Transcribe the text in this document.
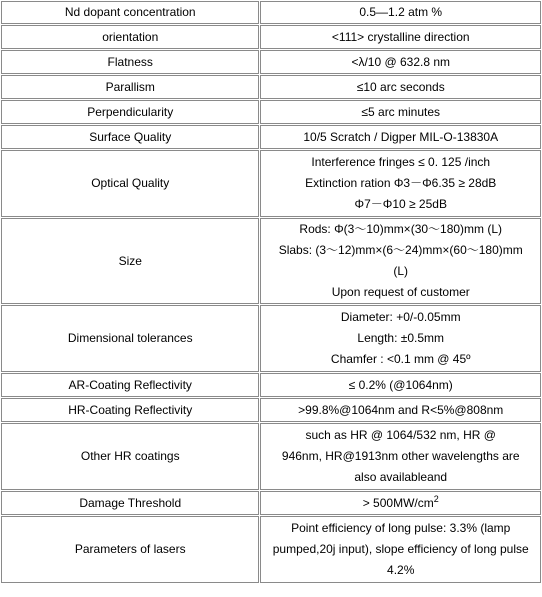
Nd dopant concentration	0.5—1.2 atm %

orientation	<111> crystalline direction

Flatness	<λ/10 @ 632.8 nm

Parallism	≤10 arc seconds

Perpendicularity	≤5 arc minutes

Surface Quality	10/5 Scratch / Digper MIL-O-13830A

Optical Quality	Interference fringes ≤ 0. 125 /inch
Extinction ration Φ3－Φ6.35 ≥ 28dB
Φ7－Φ10 ≥ 25dB

Size	Rods: Φ(3～10)mm×(30～180)mm (L)
Slabs: (3～12)mm×(6～24)mm×(60～180)mm
(L)
Upon request of customer

Dimensional tolerances	Diameter: +0/-0.05mm
Length: ±0.5mm
Chamfer : <0.1 mm @ 45º

AR-Coating Reflectivity	≤ 0.2% (@1064nm)

HR-Coating Reflectivity	>99.8%@1064nm and R<5%@808nm

Other HR coatings	such as HR @ 1064/532 nm, HR @
946nm, HR@1913nm other wavelengths are
also availableand

Damage Threshold	> $500MW/cm^2$
Parameters of lasers	Point efficiency of long pulse: 3.3% (lamp
pumped,20j input), slope efficiency of long pulse
4.2%
